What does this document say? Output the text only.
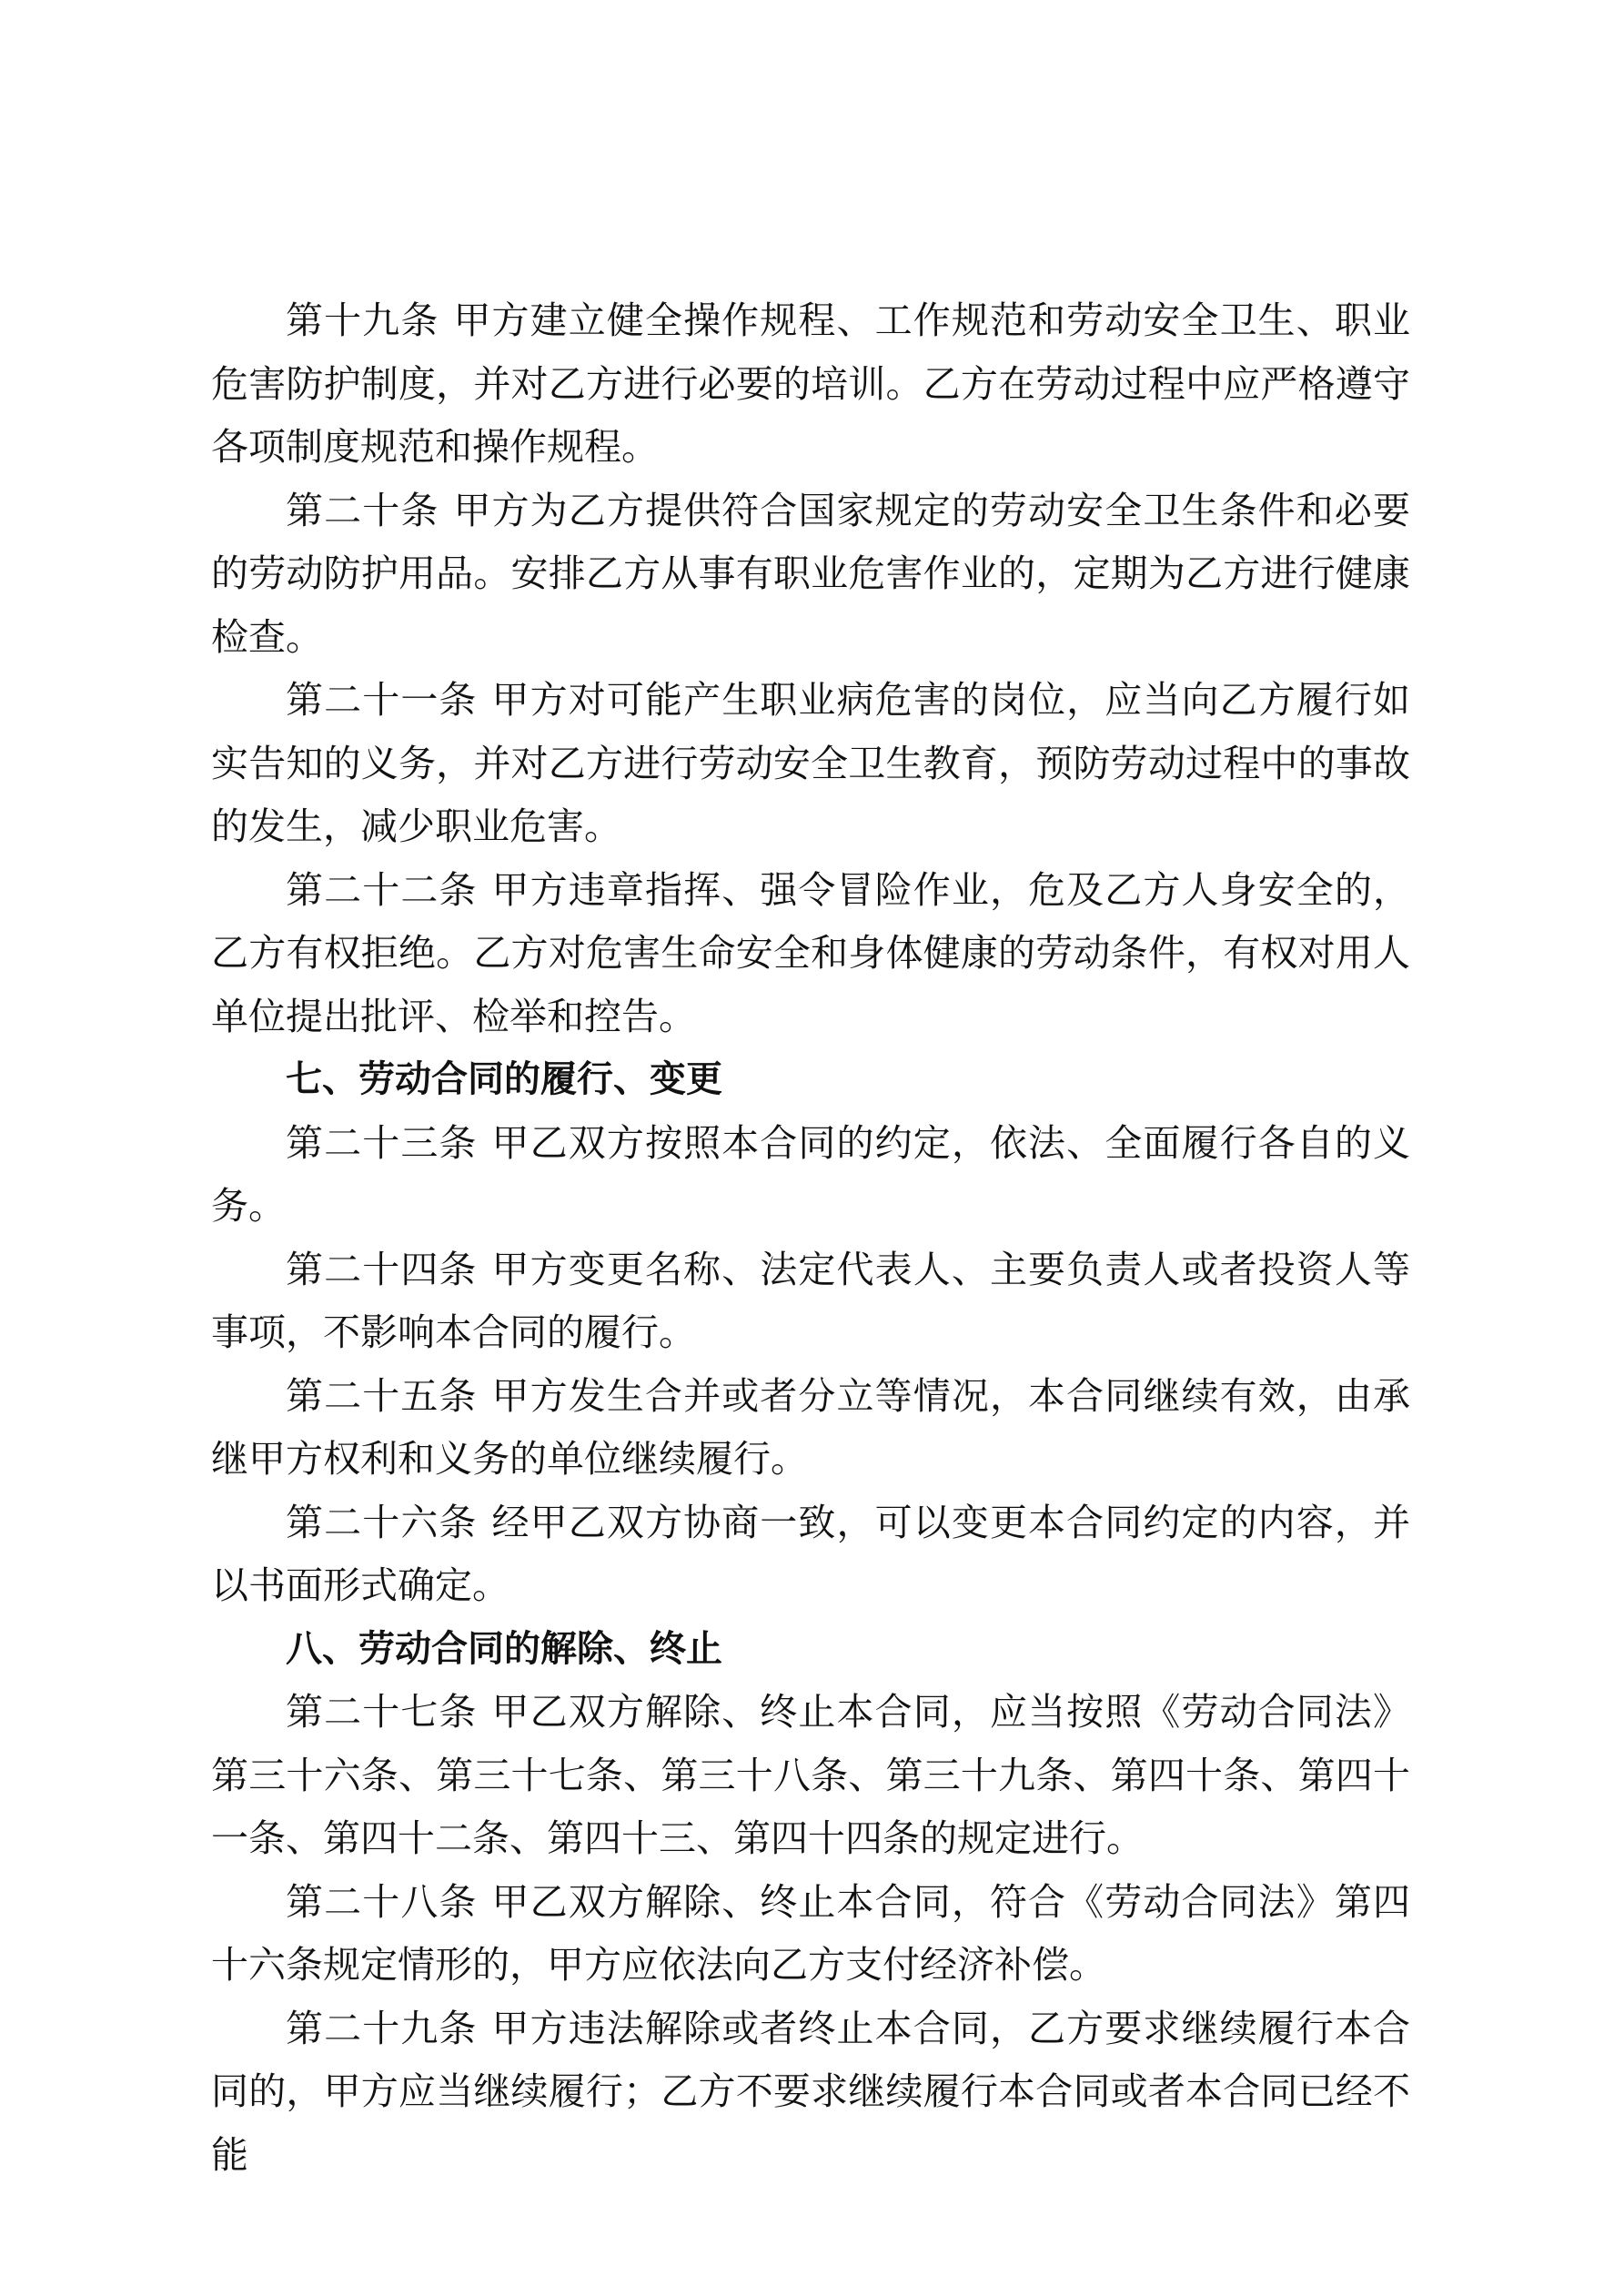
第十九条 甲方建立健全操作规程、工作规范和劳动安全卫生、职业危害防护制度，并对乙方进行必要的培训。乙方在劳动过程中应严格遵守各项制度规范和操作规程。

第二十条 甲方为乙方提供符合国家规定的劳动安全卫生条件和必要的劳动防护用品。安排乙方从事有职业危害作业的，定期为乙方进行健康检查。

第二十一条 甲方对可能产生职业病危害的岗位，应当向乙方履行如实告知的义务，并对乙方进行劳动安全卫生教育，预防劳动过程中的事故的发生，减少职业危害。

第二十二条 甲方违章指挥、强令冒险作业，危及乙方人身安全的，乙方有权拒绝。乙方对危害生命安全和身体健康的劳动条件，有权对用人单位提出批评、检举和控告。

七、劳动合同的履行、变更

第二十三条 甲乙双方按照本合同的约定，依法、全面履行各自的义务。

第二十四条 甲方变更名称、法定代表人、主要负责人或者投资人等事项，不影响本合同的履行。

第二十五条 甲方发生合并或者分立等情况，本合同继续有效，由承继甲方权利和义务的单位继续履行。

第二十六条 经甲乙双方协商一致，可以变更本合同约定的内容，并以书面形式确定。

八、劳动合同的解除、终止

第二十七条 甲乙双方解除、终止本合同，应当按照《劳动合同法》第三十六条、第三十七条、第三十八条、第三十九条、第四十条、第四十一条、第四十二条、第四十三、第四十四条的规定进行。

第二十八条 甲乙双方解除、终止本合同，符合《劳动合同法》第四十六条规定情形的，甲方应依法向乙方支付经济补偿。

第二十九条 甲方违法解除或者终止本合同，乙方要求继续履行本合同的，甲方应当继续履行；乙方不要求继续履行本合同或者本合同已经不能
